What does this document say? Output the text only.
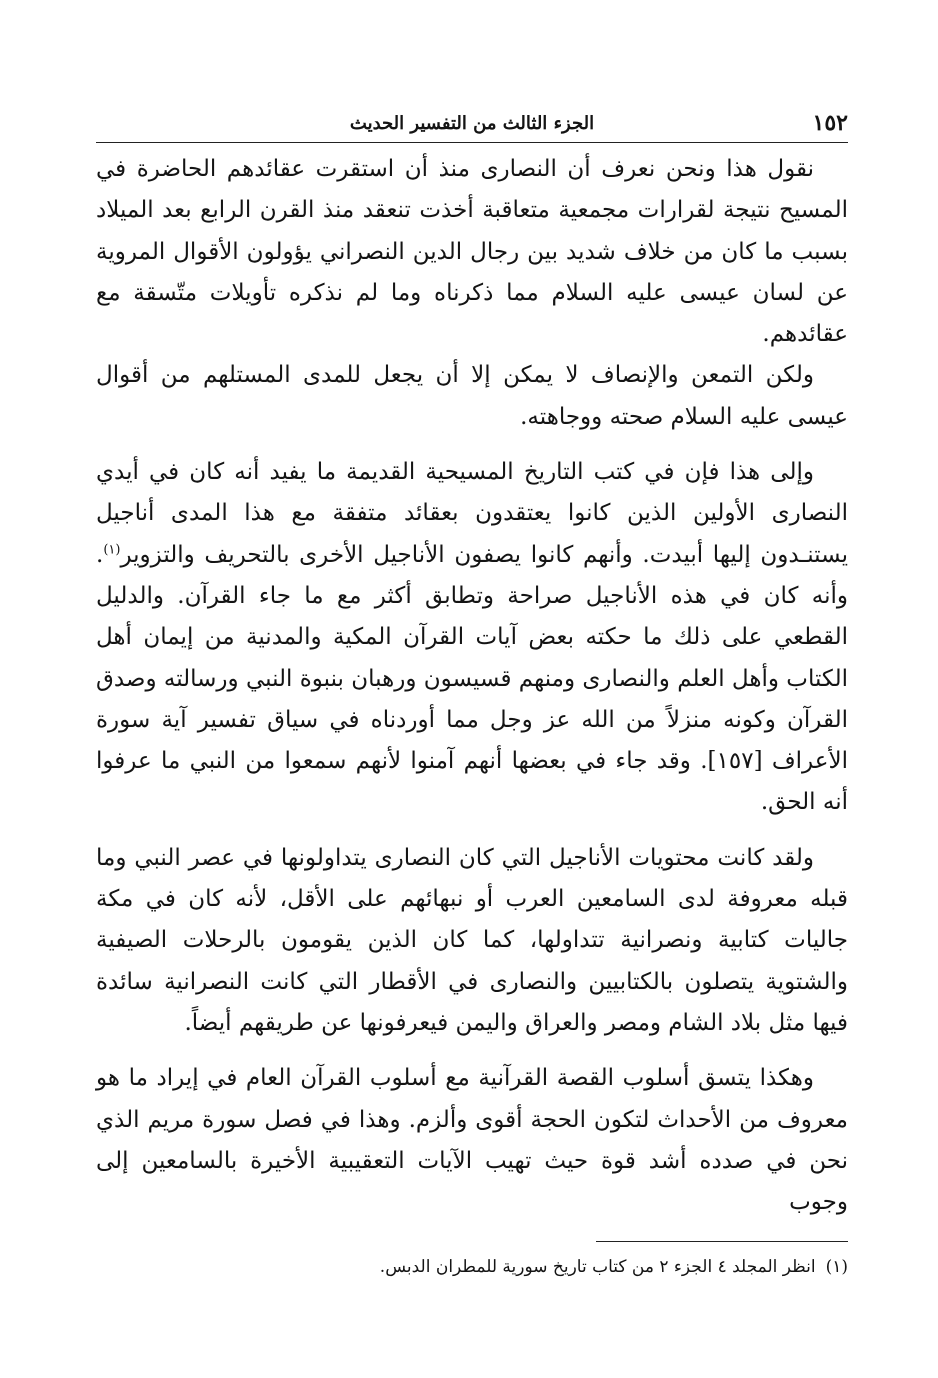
١٥٢
الجزء الثالث من التفسير الحديث

نقول هذا ونحن نعرف أن النصارى منذ أن استقرت عقائدهم الحاضرة في المسيح نتيجة لقرارات مجمعية متعاقبة أخذت تنعقد منذ القرن الرابع بعد الميلاد بسبب ما كان من خلاف شديد بين رجال الدين النصراني يؤولون الأقوال المروية عن لسان عيسى عليه السلام مما ذكرناه وما لم نذكره تأويلات متّسقة مع عقائدهم.

ولكن التمعن والإنصاف لا يمكن إلا أن يجعل للمدى المستلهم من أقوال عيسى عليه السلام صحته ووجاهته.

وإلى هذا فإن في كتب التاريخ المسيحية القديمة ما يفيد أنه كان في أيدي النصارى الأولين الذين كانوا يعتقدون بعقائد متفقة مع هذا المدى أناجيل يستنـدون إليها أبيدت. وأنهم كانوا يصفون الأناجيل الأخرى بالتحريف والتزوير$^{(١)}$. وأنه كان في هذه الأناجيل صراحة وتطابق أكثر مع ما جاء القرآن. والدليل القطعي على ذلك ما حكته بعض آيات القرآن المكية والمدنية من إيمان أهل الكتاب وأهل العلم والنصارى ومنهم قسيسون ورهبان بنبوة النبي ورسالته وصدق القرآن وكونه منزلاً من الله عز وجل مما أوردناه في سياق تفسير آية سورة الأعراف [١٥٧]. وقد جاء في بعضها أنهم آمنوا لأنهم سمعوا من النبي ما عرفوا أنه الحق.

ولقد كانت محتويات الأناجيل التي كان النصارى يتداولونها في عصر النبي وما قبله معروفة لدى السامعين العرب أو نبهائهم على الأقل، لأنه كان في مكة جاليات كتابية ونصرانية تتداولها، كما كان الذين يقومون بالرحلات الصيفية والشتوية يتصلون بالكتابيين والنصارى في الأقطار التي كانت النصرانية سائدة فيها مثل بلاد الشام ومصر والعراق واليمن فيعرفونها عن طريقهم أيضاً.

وهكذا يتسق أسلوب القصة القرآنية مع أسلوب القرآن العام في إيراد ما هو معروف من الأحداث لتكون الحجة أقوى وألزم. وهذا في فصل سورة مريم الذي نحن في صدده أشد قوة حيث تهيب الآيات التعقيبية الأخيرة بالسامعين إلى وجوب

(١)انظر المجلد ٤ الجزء ٢ من كتاب تاريخ سورية للمطران الدبس.
